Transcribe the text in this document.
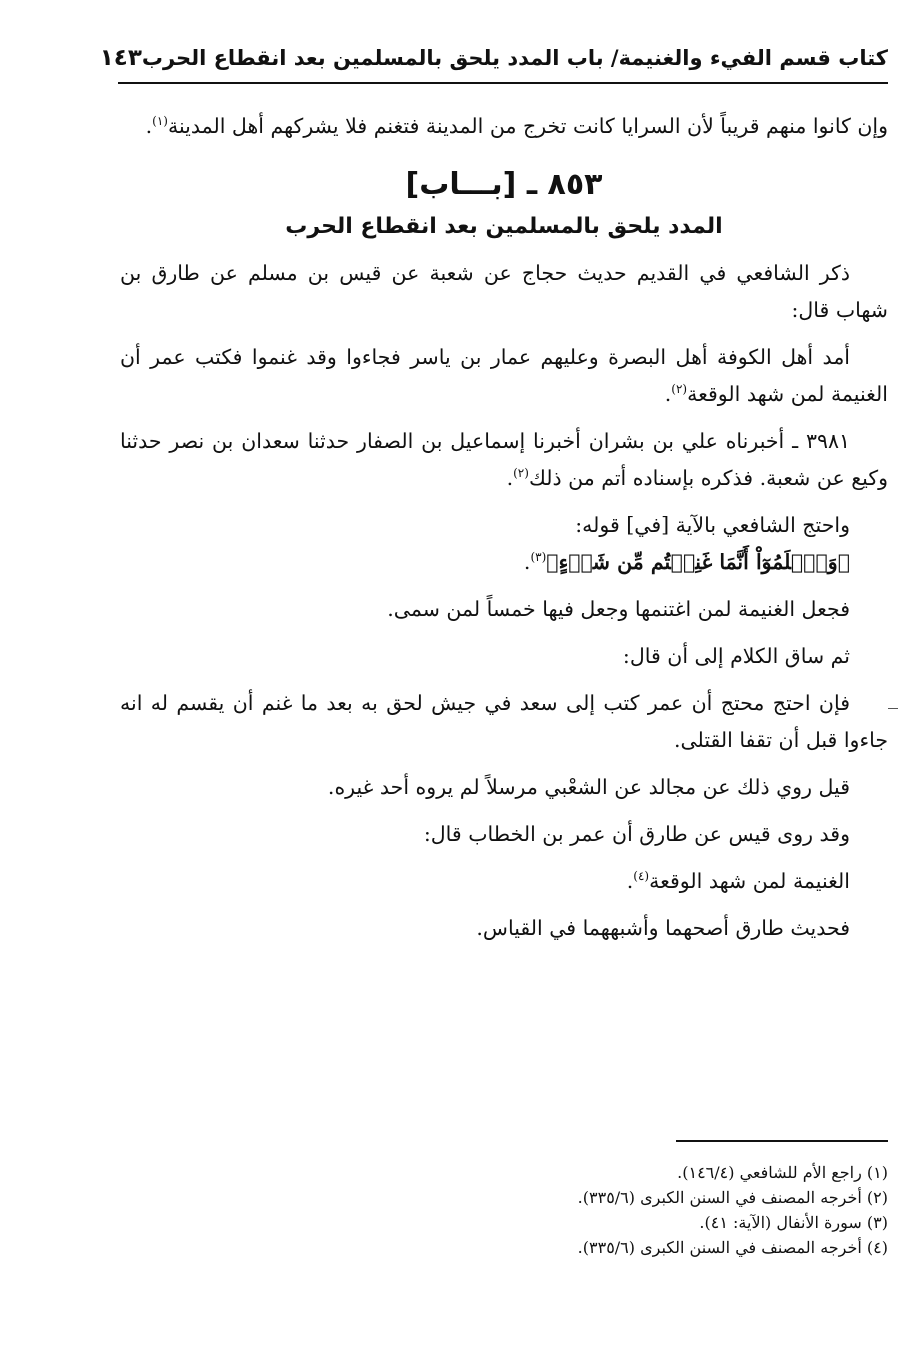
كتاب قسم الفيء والغنيمة/ باب المدد يلحق بالمسلمين بعد انقطاع الحرب
١٤٣

وإن كانوا منهم قريباً لأن السرايا كانت تخرج من المدينة فتغنم فلا يشركهم أهل المدينة$^{(١)}$.

٨٥٣ ـ [بـــاب]
المدد يلحق بالمسلمين بعد انقطاع الحرب

ذكر الشافعي في القديم حديث حجاج عن شعبة عن قيس بن مسلم عن طارق بن شهاب قال:

أمد أهل الكوفة أهل البصرة وعليهم عمار بن ياسر فجاءوا وقد غنموا فكتب عمر أن الغنيمة لمن شهد الوقعة$^{(٢)}$.

٣٩٨١ ـ أخبرناه علي بن بشران أخبرنا إسماعيل بن الصفار حدثنا سعدان بن نصر حدثنا وكيع عن شعبة. فذكره بإسناده أتم من ذلك$^{(٢)}$.

واحتج الشافعي بالآية [في] قوله:

﴿وَٱعۡلَمُوٓاْ أَنَّمَا غَنِمۡتُم مِّن شَيۡءٍ﴾$^{(٣)}$.

فجعل الغنيمة لمن اغتنمها وجعل فيها خمساً لمن سمى.

ثم ساق الكلام إلى أن قال:

فإن احتج محتج أن عمر كتب إلى سعد في جيش لحق به بعد ما غنم أن يقسم له انه جاءوا قبل أن تقفا القتلى.

قيل روي ذلك عن مجالد عن الشعْبي مرسلاً لم يروه أحد غيره.

وقد روى قيس عن طارق أن عمر بن الخطاب قال:

الغنيمة لمن شهد الوقعة$^{(٤)}$.

فحديث طارق أصحهما وأشبههما في القياس.

(١) راجع الأم للشافعي (١٤٦/٤).

(٢) أخرجه المصنف في السنن الكبرى (٣٣٥/٦).

(٣) سورة الأنفال (الآية: ٤١).

(٤) أخرجه المصنف في السنن الكبرى (٣٣٥/٦).
